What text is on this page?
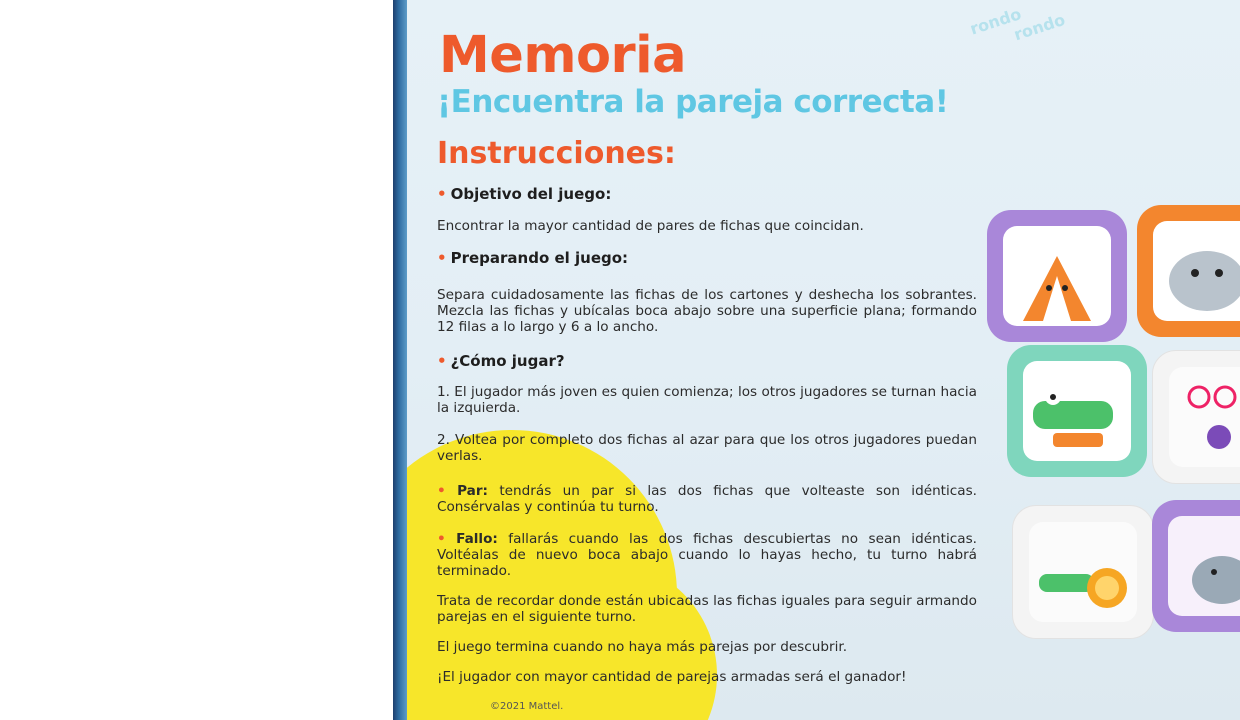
rondo
rondo
Memoria
¡Encuentra la pareja correcta!
Instrucciones:
• Objetivo del juego:
Encontrar la mayor cantidad de pares de fichas que coincidan.
• Preparando el juego:
Separa cuidadosamente las fichas de los cartones y deshecha los sobrantes. Mezcla las fichas y ubícalas boca abajo sobre una superficie plana; formando 12 filas a lo largo y 6 a lo ancho.
• ¿Cómo jugar?
1. El jugador más joven es quien comienza; los otros jugadores se turnan hacia la izquierda.
2. Voltea por completo dos fichas al azar para que los otros jugadores puedan verlas.
• Par: tendrás un par si las dos fichas que volteaste son idénticas. Consérvalas y continúa tu turno.
• Fallo: fallarás cuando las dos fichas descubiertas no sean idénticas. Voltéalas de nuevo boca abajo cuando lo hayas hecho, tu turno habrá terminado.
Trata de recordar donde están ubicadas las fichas iguales para seguir armando parejas en el siguiente turno.
El juego termina cuando no haya más parejas por descubrir.
¡El jugador con mayor cantidad de parejas armadas será el ganador!
©2021 Mattel.
